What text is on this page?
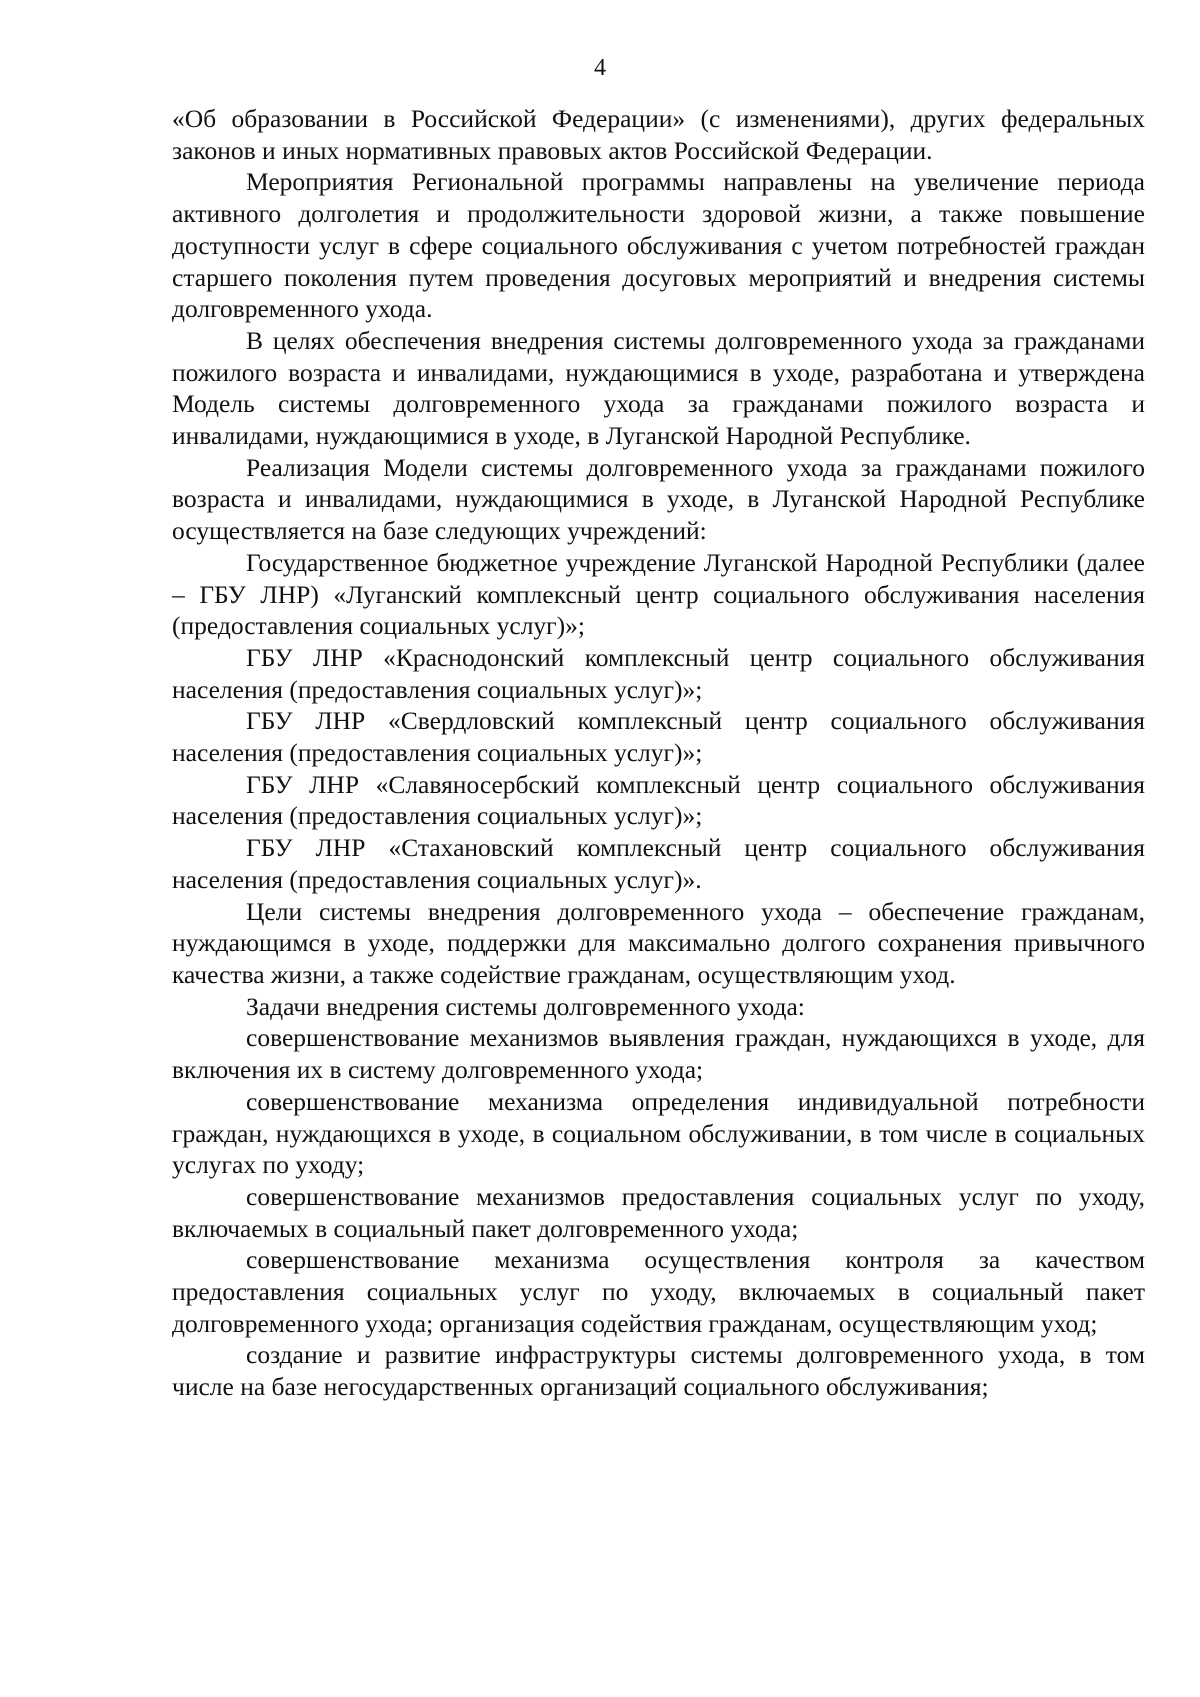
4

«Об образовании в Российской Федерации» (с изменениями), других федеральных законов и иных нормативных правовых актов Российской Федерации.

Мероприятия Региональной программы направлены на увеличение периода активного долголетия и продолжительности здоровой жизни, а также повышение доступности услуг в сфере социального обслуживания с учетом потребностей граждан старшего поколения путем проведения досуговых мероприятий и внедрения системы долговременного ухода.

В целях обеспечения внедрения системы долговременного ухода за гражданами пожилого возраста и инвалидами, нуждающимися в уходе, разработана и утверждена Модель системы долговременного ухода за гражданами пожилого возраста и инвалидами, нуждающимися в уходе, в Луганской Народной Республике.

Реализация Модели системы долговременного ухода за гражданами пожилого возраста и инвалидами, нуждающимися в уходе, в Луганской Народной Республике осуществляется на базе следующих учреждений:

Государственное бюджетное учреждение Луганской Народной Республики (далее – ГБУ ЛНР) «Луганский комплексный центр социального обслуживания населения (предоставления социальных услуг)»;

ГБУ ЛНР «Краснодонский комплексный центр социального обслуживания населения (предоставления социальных услуг)»;

ГБУ ЛНР «Свердловский комплексный центр социального обслуживания населения (предоставления социальных услуг)»;

ГБУ ЛНР «Славяносербский комплексный центр социального обслуживания населения (предоставления социальных услуг)»;

ГБУ ЛНР «Стахановский комплексный центр социального обслуживания населения (предоставления социальных услуг)».

Цели системы внедрения долговременного ухода – обеспечение гражданам, нуждающимся в уходе, поддержки для максимально долгого сохранения привычного качества жизни, а также содействие гражданам, осуществляющим уход.

Задачи внедрения системы долговременного ухода:

совершенствование механизмов выявления граждан, нуждающихся в уходе, для включения их в систему долговременного ухода;

совершенствование механизма определения индивидуальной потребности граждан, нуждающихся в уходе, в социальном обслуживании, в том числе в социальных услугах по уходу;

совершенствование механизмов предоставления социальных услуг по уходу, включаемых в социальный пакет долговременного ухода;

совершенствование механизма осуществления контроля за качеством предоставления социальных услуг по уходу, включаемых в социальный пакет долговременного ухода; организация содействия гражданам, осуществляющим уход;

создание и развитие инфраструктуры системы долговременного ухода, в том числе на базе негосударственных организаций социального обслуживания;
